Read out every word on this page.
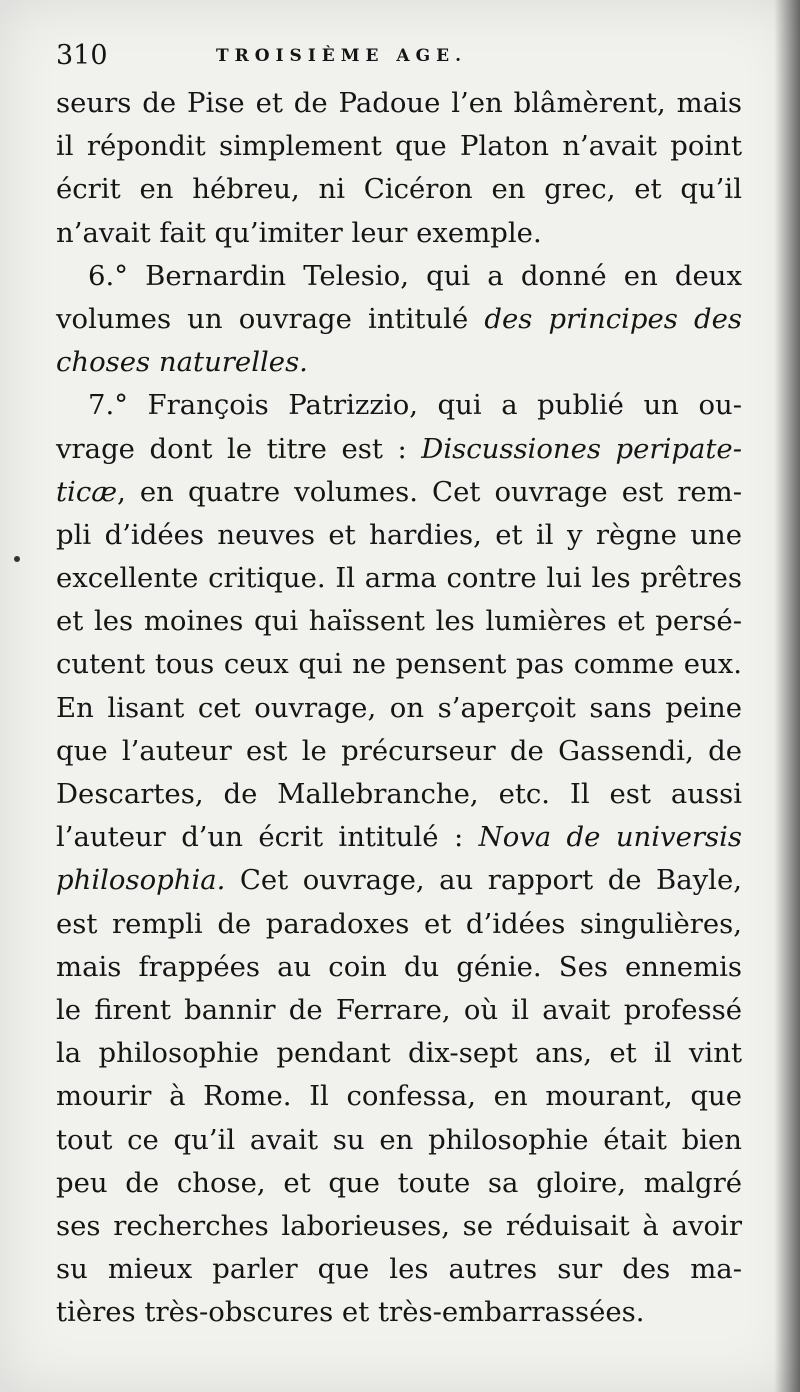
310	TROISIÈME AGE.
seurs de Pise et de Padoue l’en blâmèrent, mais
il répondit simplement que Platon n’avait point
écrit en hébreu, ni Cicéron en grec, et qu’il
n’avait fait qu’imiter leur exemple.
6.° Bernardin Telesio, qui a donné en deux
volumes un ouvrage intitulé des principes des
choses naturelles.
7.° François Patrizzio, qui a publié un ou-
vrage dont le titre est : Discussiones peripate-
ticæ, en quatre volumes. Cet ouvrage est rem-
pli d’idées neuves et hardies, et il y règne une
excellente critique. Il arma contre lui les prêtres
et les moines qui haïssent les lumières et persé-
cutent tous ceux qui ne pensent pas comme eux.
En lisant cet ouvrage, on s’aperçoit sans peine
que l’auteur est le précurseur de Gassendi, de
Descartes, de Mallebranche, etc. Il est aussi
l’auteur d’un écrit intitulé : Nova de universis
philosophia. Cet ouvrage, au rapport de Bayle,
est rempli de paradoxes et d’idées singulières,
mais frappées au coin du génie. Ses ennemis
le firent bannir de Ferrare, où il avait professé
la philosophie pendant dix-sept ans, et il vint
mourir à Rome. Il confessa, en mourant, que
tout ce qu’il avait su en philosophie était bien
peu de chose, et que toute sa gloire, malgré
ses recherches laborieuses, se réduisait à avoir
su mieux parler que les autres sur des ma-
tières très-obscures et très-embarrassées.
